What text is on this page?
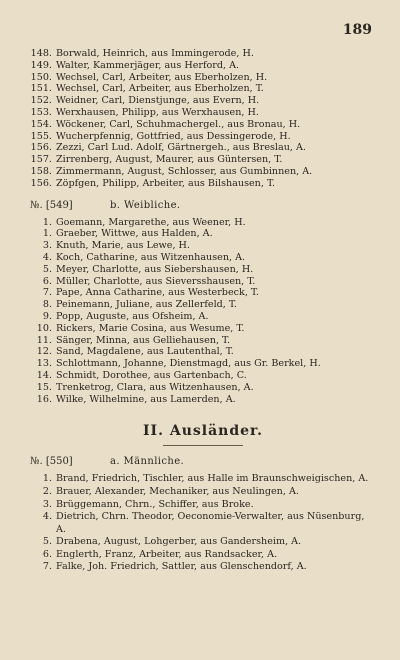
189
148. Borwald, Heinrich, aus Immingerode, H.
149. Walter, Kammerjäger, aus Herford, A.
150. Wechsel, Carl, Arbeiter, aus Eberholzen, H.
151. Wechsel, Carl, Arbeiter, aus Eberholzen, T.
152. Weidner, Carl, Dienstjunge, aus Evern, H.
153. Werxhausen, Philipp, aus Werxhausen, H.
154. Wöckener, Carl, Schuhmachergel., aus Bronau, H.
155. Wucherpfennig, Gottfried, aus Dessingerode, H.
156. Zezzi, Carl Lud. Adolf, Gärtnergeh., aus Breslau, A.
157. Zirrenberg, August, Maurer, aus Güntersen, T.
158. Zimmermann, August, Schlosser, aus Gumbinnen, A.
156. Zöpfgen, Philipp, Arbeiter, aus Bilshausen, T.
№. [549]	b. Weibliche.
1. Goemann, Margarethe, aus Weener, H.
1. Graeber, Wittwe, aus Halden, A.
3. Knuth, Marie, aus Lewe, H.
4. Koch, Catharine, aus Witzenhausen, A.
5. Meyer, Charlotte, aus Siebershausen, H.
6. Müller, Charlotte, aus Sieversshausen, T.
7. Pape, Anna Catharine, aus Westerbeck, T.
8. Peinemann, Juliane, aus Zellerfeld, T.
9. Popp, Auguste, aus Ofsheim, A.
10. Rickers, Marie Cosina, aus Wesume, T.
11. Sänger, Minna, aus Gelliehausen, T.
12. Sand, Magdalene, aus Lautenthal, T.
13. Schlottmann, Johanne, Dienstmagd, aus Gr. Berkel, H.
14. Schmidt, Dorothee, aus Gartenbach, C.
15. Trenketrog, Clara, aus Witzenhausen, A.
16. Wilke, Wilhelmine, aus Lamerden, A.
II. Ausländer.
№. [550]	a. Männliche.
1. Brand, Friedrich, Tischler, aus Halle im Braunschweigischen, A.
2. Brauer, Alexander, Mechaniker, aus Neulingen, A.
3. Brüggemann, Chrn., Schiffer, aus Broke.
4. Dietrich, Chrn. Theodor, Oeconomie-Verwalter, aus Nüsenburg, A.
5. Drabena, August, Lohgerber, aus Gandersheim, A.
6. Englerth, Franz, Arbeiter, aus Randsacker, A.
7. Falke, Joh. Friedrich, Sattler, aus Glenschendorf, A.
